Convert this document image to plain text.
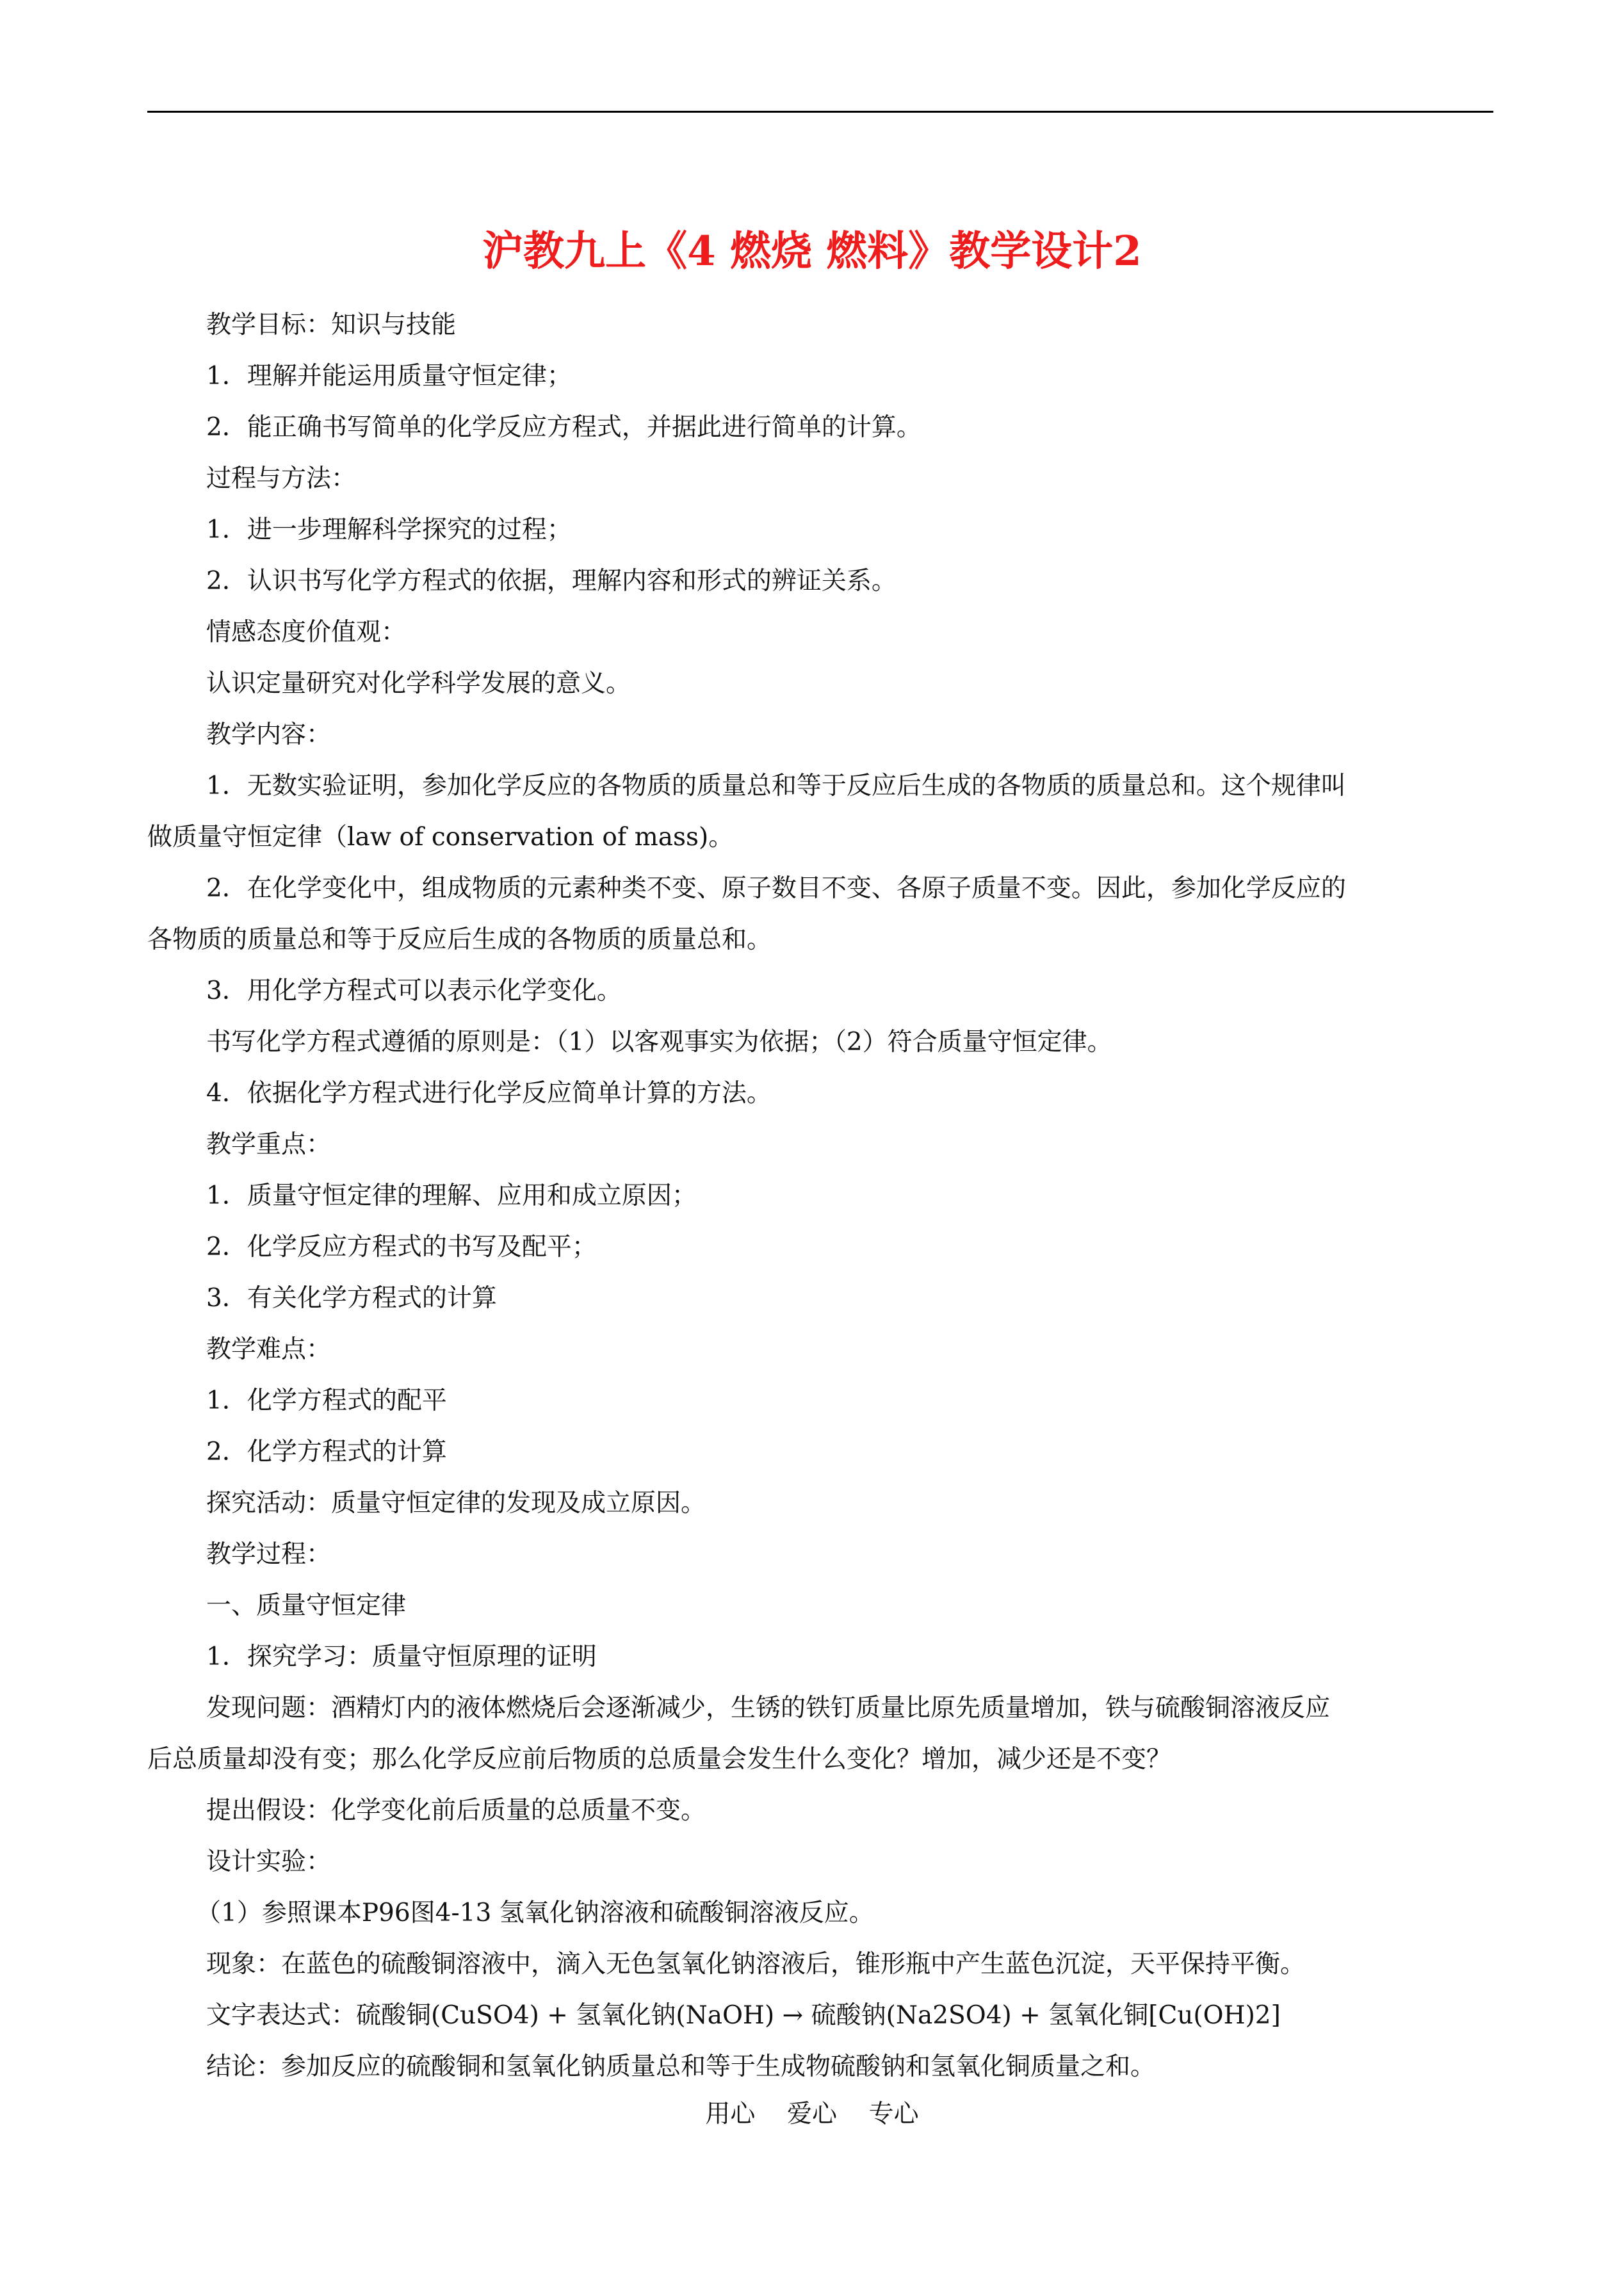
沪教九上《4 燃烧 燃料》教学设计2
教学目标：知识与技能
1．理解并能运用质量守恒定律；
2．能正确书写简单的化学反应方程式，并据此进行简单的计算。
过程与方法：
1．进一步理解科学探究的过程；
2．认识书写化学方程式的依据，理解内容和形式的辨证关系。
情感态度价值观：
认识定量研究对化学科学发展的意义。
教学内容：
1．无数实验证明，参加化学反应的各物质的质量总和等于反应后生成的各物质的质量总和。这个规律叫
做质量守恒定律（law of conservation of mass)。
2．在化学变化中，组成物质的元素种类不变、原子数目不变、各原子质量不变。因此，参加化学反应的
各物质的质量总和等于反应后生成的各物质的质量总和。
3．用化学方程式可以表示化学变化。
书写化学方程式遵循的原则是：（1）以客观事实为依据；（2）符合质量守恒定律。
4．依据化学方程式进行化学反应简单计算的方法。
教学重点：
1．质量守恒定律的理解、应用和成立原因；
2．化学反应方程式的书写及配平；
3．有关化学方程式的计算
教学难点：
1．化学方程式的配平
2．化学方程式的计算
探究活动：质量守恒定律的发现及成立原因。
教学过程：
一、质量守恒定律
1．探究学习：质量守恒原理的证明
发现问题：酒精灯内的液体燃烧后会逐渐减少，生锈的铁钉质量比原先质量增加，铁与硫酸铜溶液反应
后总质量却没有变；那么化学反应前后物质的总质量会发生什么变化？增加，减少还是不变？
提出假设：化学变化前后质量的总质量不变。
设计实验：
（1）参照课本P96图4-13 氢氧化钠溶液和硫酸铜溶液反应。
现象：在蓝色的硫酸铜溶液中，滴入无色氢氧化钠溶液后，锥形瓶中产生蓝色沉淀，天平保持平衡。
文字表达式：硫酸铜(CuSO4) + 氢氧化钠(NaOH) → 硫酸钠(Na2SO4) + 氢氧化铜[Cu(OH)2]
结论：参加反应的硫酸铜和氢氧化钠质量总和等于生成物硫酸钠和氢氧化铜质量之和。
用心    爱心    专心
